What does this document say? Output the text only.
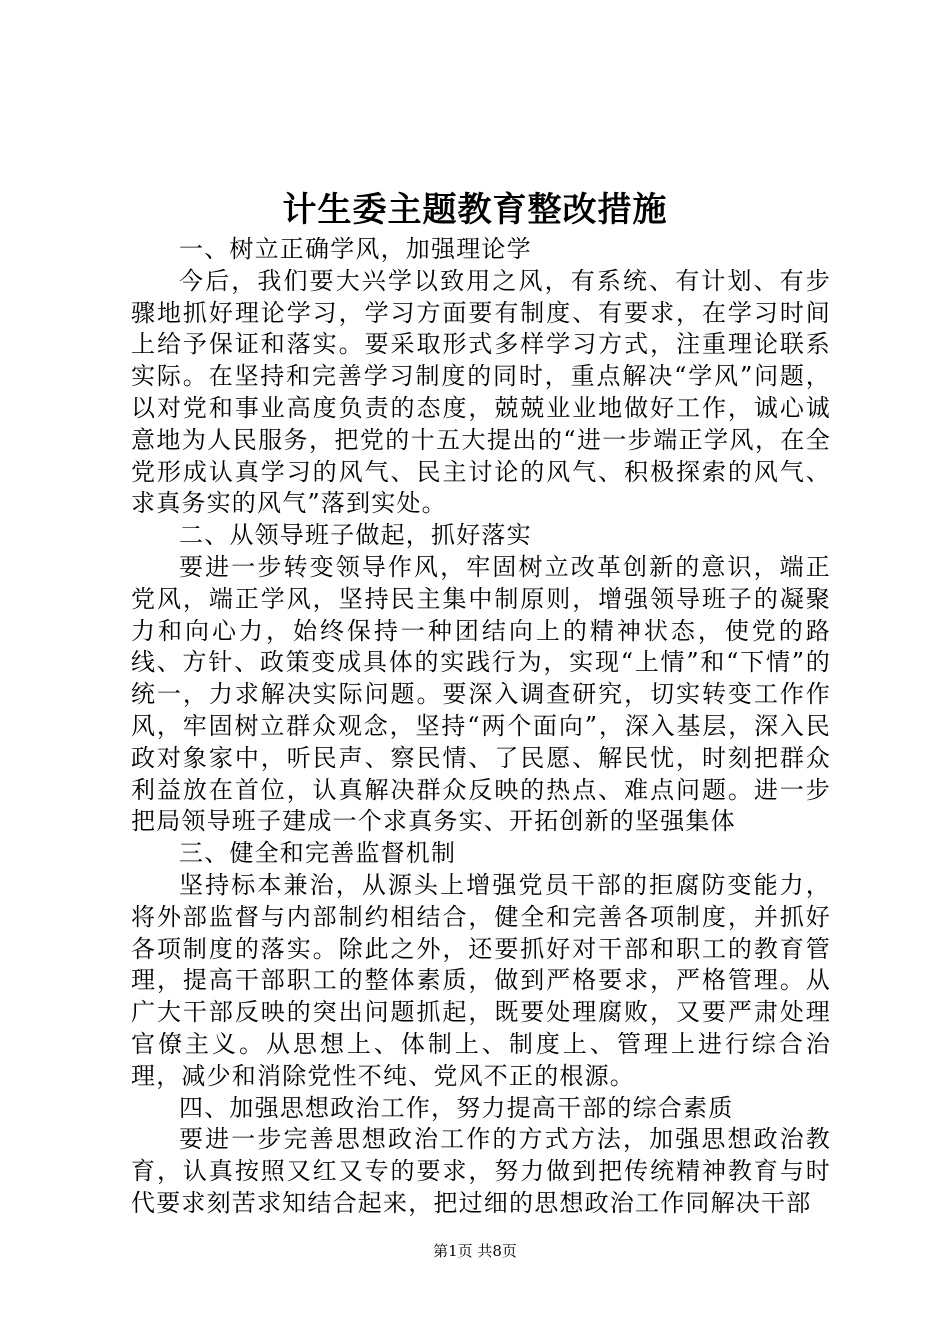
计生委主题教育整改措施

一、树立正确学风，加强理论学

今后，我们要大兴学以致用之风，有系统、有计划、有步骤地抓好理论学习，学习方面要有制度、有要求，在学习时间上给予保证和落实。要采取形式多样学习方式，注重理论联系实际。在坚持和完善学习制度的同时，重点解决“学风”问题，以对党和事业高度负责的态度，兢兢业业地做好工作，诚心诚意地为人民服务，把党的十五大提出的“进一步端正学风，在全党形成认真学习的风气、民主讨论的风气、积极探索的风气、求真务实的风气”落到实处。

二、从领导班子做起，抓好落实

要进一步转变领导作风，牢固树立改革创新的意识，端正党风，端正学风，坚持民主集中制原则，增强领导班子的凝聚力和向心力，始终保持一种团结向上的精神状态，使党的路线、方针、政策变成具体的实践行为，实现“上情”和“下情”的统一，力求解决实际问题。要深入调查研究，切实转变工作作风，牢固树立群众观念，坚持“两个面向”，深入基层，深入民政对象家中，听民声、察民情、了民愿、解民忧，时刻把群众利益放在首位，认真解决群众反映的热点、难点问题。进一步把局领导班子建成一个求真务实、开拓创新的坚强集体

三、健全和完善监督机制

坚持标本兼治，从源头上增强党员干部的拒腐防变能力，将外部监督与内部制约相结合，健全和完善各项制度，并抓好各项制度的落实。除此之外，还要抓好对干部和职工的教育管理，提高干部职工的整体素质，做到严格要求，严格管理。从广大干部反映的突出问题抓起，既要处理腐败，又要严肃处理官僚主义。从思想上、体制上、制度上、管理上进行综合治理，减少和消除党性不纯、党风不正的根源。

四、加强思想政治工作，努力提高干部的综合素质

要进一步完善思想政治工作的方式方法，加强思想政治教育，认真按照又红又专的要求，努力做到把传统精神教育与时代要求刻苦求知结合起来，把过细的思想政治工作同解决干部

第1页 共8页
